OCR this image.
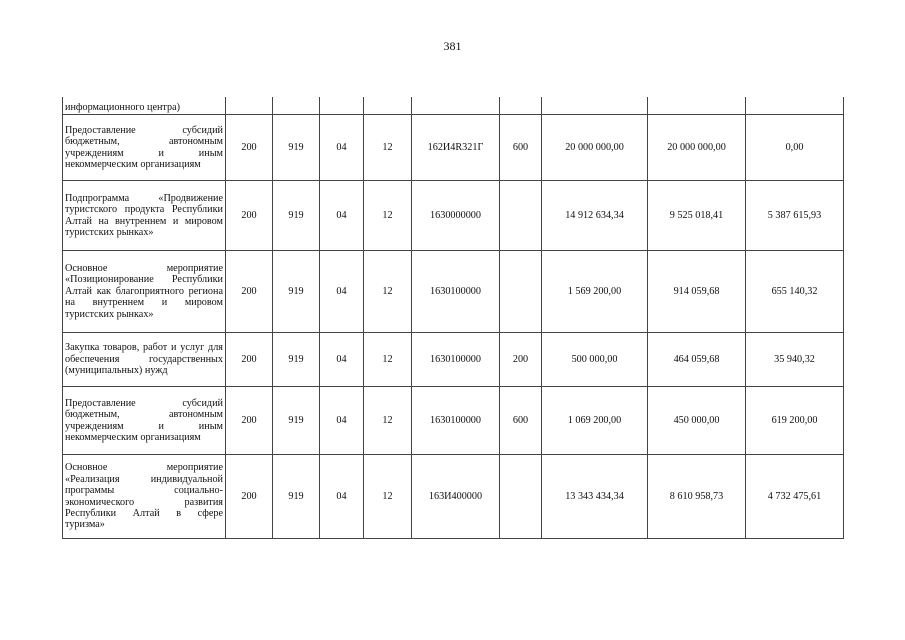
381
информационного центра)									
Предоставление субсидий бюджетным, автономным учреждениям и иным некоммерческим организациям	200	919	04	12	162И4R321Г	600	20 000 000,00	20 000 000,00	0,00
Подпрограмма «Продвижение туристского продукта Республики Алтай на внутреннем и мировом туристских рынках»	200	919	04	12	1630000000		14 912 634,34	9 525 018,41	5 387 615,93
Основное мероприятие «Позиционирование Республики Алтай как благоприятного региона на внутреннем и мировом туристских рынках»	200	919	04	12	1630100000		1 569 200,00	914 059,68	655 140,32
Закупка товаров, работ и услуг для обеспечения государственных (муниципальных) нужд	200	919	04	12	1630100000	200	500 000,00	464 059,68	35 940,32
Предоставление субсидий бюджетным, автономным учреждениям и иным некоммерческим организациям	200	919	04	12	1630100000	600	1 069 200,00	450 000,00	619 200,00
Основное мероприятие «Реализация индивидуальной программы социально-экономического развития Республики Алтай в сфере туризма»	200	919	04	12	163И400000		13 343 434,34	8 610 958,73	4 732 475,61
